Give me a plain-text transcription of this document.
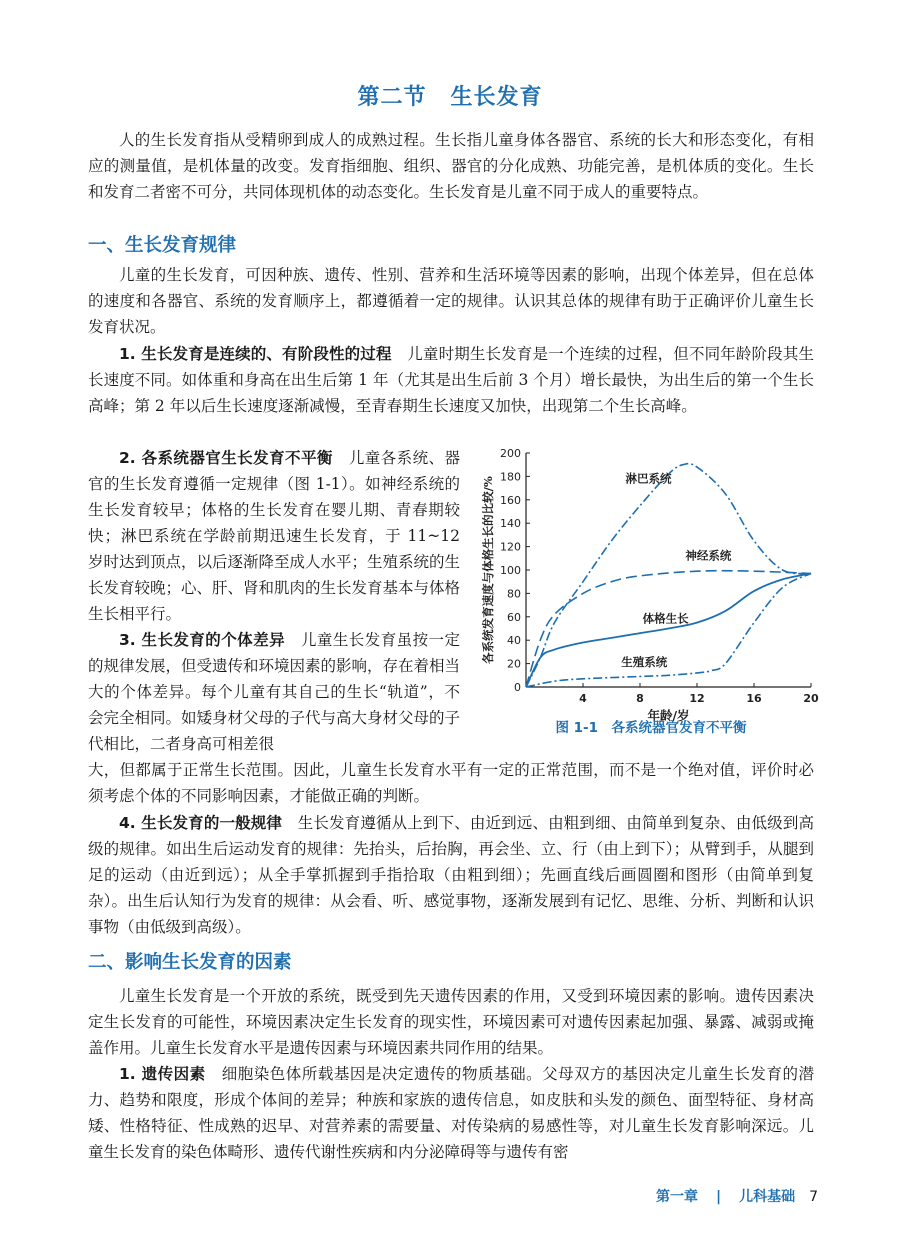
第二节 生长发育

人的生长发育指从受精卵到成人的成熟过程。生长指儿童身体各器官、系统的长大和形态变化，有相应的测量值，是机体量的改变。发育指细胞、组织、器官的分化成熟、功能完善，是机体质的变化。生长和发育二者密不可分，共同体现机体的动态变化。生长发育是儿童不同于成人的重要特点。

一、生长发育规律

儿童的生长发育，可因种族、遗传、性别、营养和生活环境等因素的影响，出现个体差异，但在总体的速度和各器官、系统的发育顺序上，都遵循着一定的规律。认识其总体的规律有助于正确评价儿童生长发育状况。

1. 生长发育是连续的、有阶段性的过程　 儿童时期生长发育是一个连续的过程，但不同年龄阶段其生长速度不同。如体重和身高在出生后第 1 年（尤其是出生后前 3 个月）增长最快，为出生后的第一个生长高峰；第 2 年以后生长速度逐渐减慢，至青春期生长速度又加快，出现第二个生长高峰。

2. 各系统器官生长发育不平衡　 儿童各系统、器官的生长发育遵循一定规律（图 1-1）。如神经系统的生长发育较早；体格的生长发育在婴儿期、青春期较快；淋巴系统在学龄前期迅速生长发育，于 11~12 岁时达到顶点，以后逐渐降至成人水平；生殖系统的生长发育较晚；心、肝、肾和肌肉的生长发育基本与体格生长相平行。

3. 生长发育的个体差异　 儿童生长发育虽按一定的规律发展，但受遗传和环境因素的影响，存在着相当大的个体差异。每个儿童有其自己的生长“轨道”，不会完全相同。如矮身材父母的子代与高大身材父母的子代相比，二者身高可相差很

大，但都属于正常生长范围。因此，儿童生长发育水平有一定的正常范围，而不是一个绝对值，评价时必须考虑个体的不同影响因素，才能做正确的判断。

4. 生长发育的一般规律　 生长发育遵循从上到下、由近到远、由粗到细、由简单到复杂、由低级到高级的规律。如出生后运动发育的规律：先抬头，后抬胸，再会坐、立、行（由上到下）；从臂到手，从腿到足的运动（由近到远）；从全手掌抓握到手指拾取（由粗到细）；先画直线后画圆圈和图形（由简单到复杂）。出生后认知行为发育的规律：从会看、听、感觉事物，逐渐发展到有记忆、思维、分析、判断和认识事物（由低级到高级）。

二、影响生长发育的因素

儿童生长发育是一个开放的系统，既受到先天遗传因素的作用，又受到环境因素的影响。遗传因素决定生长发育的可能性，环境因素决定生长发育的现实性，环境因素可对遗传因素起加强、暴露、减弱或掩盖作用。儿童生长发育水平是遗传因素与环境因素共同作用的结果。

1. 遗传因素　 细胞染色体所载基因是决定遗传的物质基础。父母双方的基因决定儿童生长发育的潜力、趋势和限度，形成个体间的差异；种族和家族的遗传信息，如皮肤和头发的颜色、面型特征、身材高矮、性格特征、性成熟的迟早、对营养素的需要量、对传染病的易感性等，对儿童生长发育影响深远。儿童生长发育的染色体畸形、遗传代谢性疾病和内分泌障碍等与遗传有密

0
20
40
60
80
100
120
140
160
180
200
4	8	12	16	20
年龄/岁
各系统发育速度与体格生长的比较/%	淋巴系统
神经系统
体格生长
生殖系统
图 1-1　各系统器官发育不平衡
第一章 | 儿科基础 7
